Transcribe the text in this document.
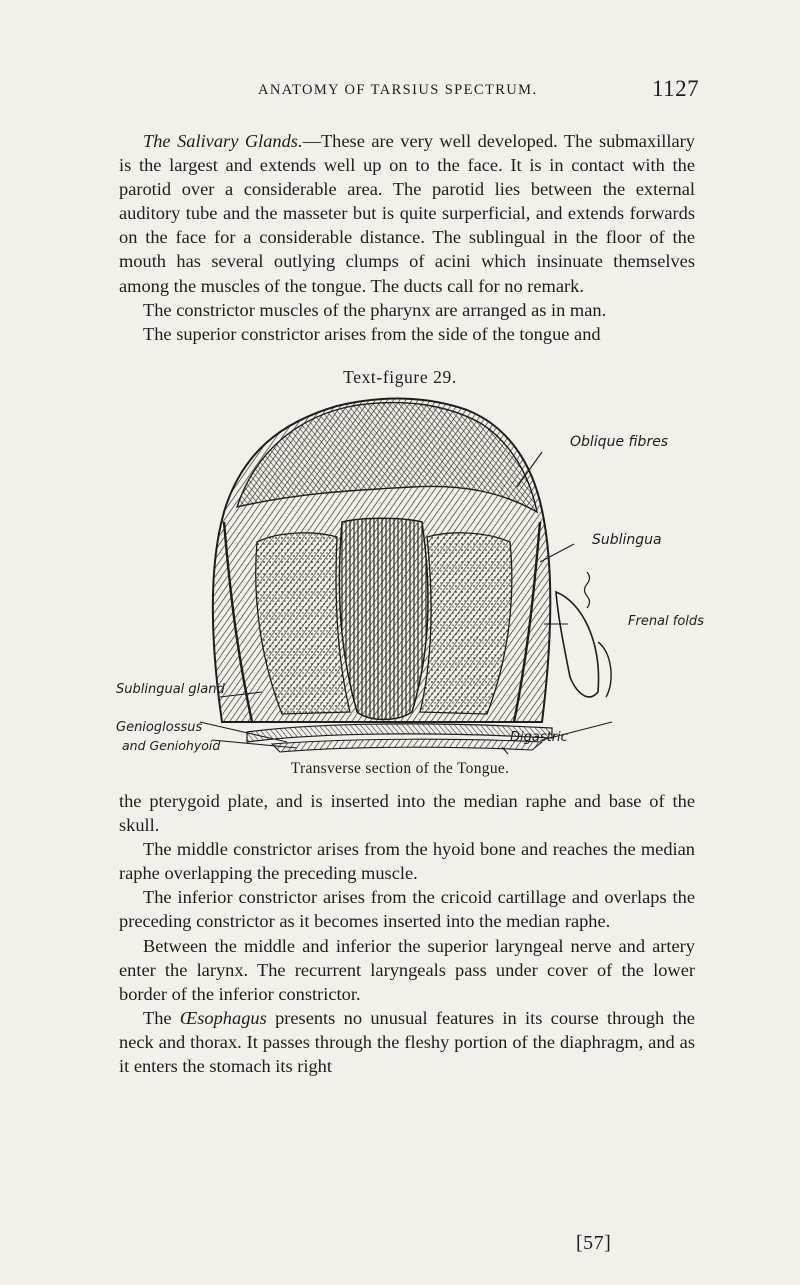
ANATOMY OF TARSIUS SPECTRUM.	1127

The Salivary Glands.—These are very well developed. The submaxillary is the largest and extends well up on to the face. It is in contact with the parotid over a considerable area. The parotid lies between the external auditory tube and the masseter but is quite surperficial, and extends forwards on the face for a considerable distance. The sublingual in the floor of the mouth has several outlying clumps of acini which insinuate themselves among the muscles of the tongue. The ducts call for no remark.

The constrictor muscles of the pharynx are arranged as in man.

The superior constrictor arises from the side of the tongue and

Text-figure 29.
Oblique fibres
Sublingua
Frenal folds
Sublingual gland
Genioglossus
and Geniohyoid
Digastric
Transverse section of the Tongue.

the pterygoid plate, and is inserted into the median raphe and base of the skull.

The middle constrictor arises from the hyoid bone and reaches the median raphe overlapping the preceding muscle.

The inferior constrictor arises from the cricoid cartillage and overlaps the preceding constrictor as it becomes inserted into the median raphe.

Between the middle and inferior the superior laryngeal nerve and artery enter the larynx. The recurrent laryngeals pass under cover of the lower border of the inferior constrictor.

The Œsophagus presents no unusual features in its course through the neck and thorax. It passes through the fleshy portion of the diaphragm, and as it enters the stomach its right

[57]
